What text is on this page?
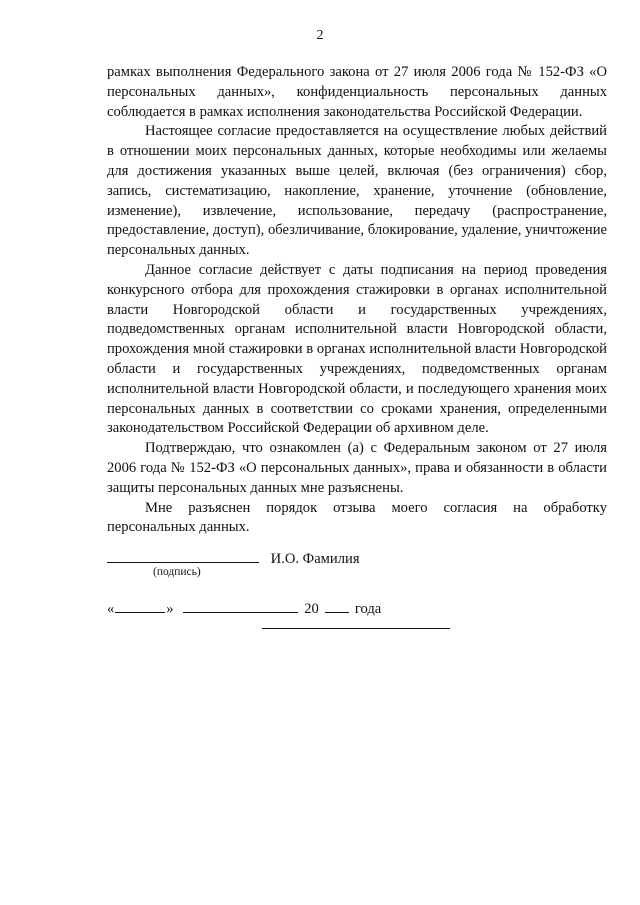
2

рамках выполнения Федерального закона от 27 июля 2006 года № 152-ФЗ «О персональных данных», конфиденциальность персональных данных соблюдается в рамках исполнения законодательства Российской Федерации.

Настоящее согласие предоставляется на осуществление любых действий в отношении моих персональных данных, которые необходимы или желаемы для достижения указанных выше целей, включая (без ограничения) сбор, запись, систематизацию, накопление, хранение, уточнение (обновление, изменение), извлечение, использование, передачу (распространение, предоставление, доступ), обезличивание, блокирование, удаление, уничтожение персональных данных.

Данное согласие действует с даты подписания на период проведения конкурсного отбора для прохождения стажировки в органах исполнительной власти Новгородской области и государственных учреждениях, подведомственных органам исполнительной власти Новгородской области, прохождения мной стажировки в органах исполнительной власти Новгородской области и государственных учреждениях, подведомственных органам исполнительной власти Новгородской области, и последующего хранения моих персональных данных в соответствии со сроками хранения, определенными законодательством Российской Федерации об архивном деле.

Подтверждаю, что ознакомлен (а) с Федеральным законом от 27 июля 2006 года № 152-ФЗ «О персональных данных», права и обязанности в области защиты персональных данных мне разъяснены.

Мне разъяснен порядок отзыва моего согласия на обработку персональных данных.

И.О. Фамилия
(подпись)
«	»	20 года
